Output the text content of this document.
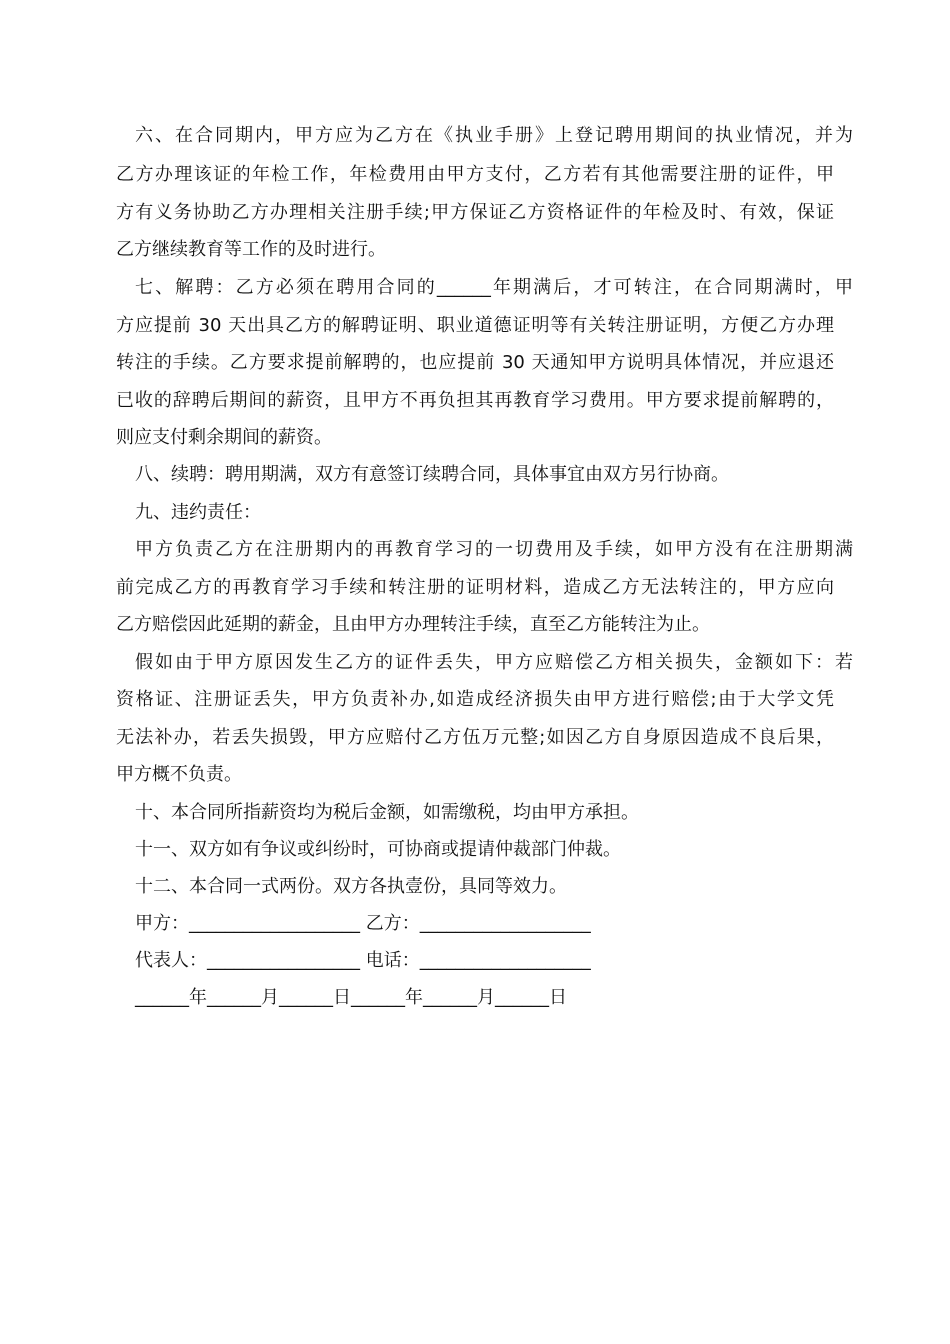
六、在合同期内，甲方应为乙方在《执业手册》上登记聘用期间的执业情况，并为
乙方办理该证的年检工作，年检费用由甲方支付，乙方若有其他需要注册的证件，甲
方有义务协助乙方办理相关注册手续;甲方保证乙方资格证件的年检及时、有效，保证
乙方继续教育等工作的及时进行。
七、解聘：乙方必须在聘用合同的______年期满后，才可转注，在合同期满时，甲
方应提前 30 天出具乙方的解聘证明、职业道德证明等有关转注册证明，方便乙方办理
转注的手续。乙方要求提前解聘的，也应提前 30 天通知甲方说明具体情况，并应退还
已收的辞聘后期间的薪资，且甲方不再负担其再教育学习费用。甲方要求提前解聘的，
则应支付剩余期间的薪资。
八、续聘：聘用期满，双方有意签订续聘合同，具体事宜由双方另行协商。
九、违约责任：
甲方负责乙方在注册期内的再教育学习的一切费用及手续，如甲方没有在注册期满
前完成乙方的再教育学习手续和转注册的证明材料，造成乙方无法转注的，甲方应向
乙方赔偿因此延期的薪金，且由甲方办理转注手续，直至乙方能转注为止。
假如由于甲方原因发生乙方的证件丢失，甲方应赔偿乙方相关损失，金额如下：若
资格证、注册证丢失，甲方负责补办,如造成经济损失由甲方进行赔偿;由于大学文凭
无法补办，若丢失损毁，甲方应赔付乙方伍万元整;如因乙方自身原因造成不良后果，
甲方概不负责。
十、本合同所指薪资均为税后金额，如需缴税，均由甲方承担。
十一、双方如有争议或纠纷时，可协商或提请仲裁部门仲裁。
十二、本合同一式两份。双方各执壹份，具同等效力。
甲方：___________________ 乙方：___________________
代表人：_________________ 电话：___________________
______年______月______日______年______月______日
